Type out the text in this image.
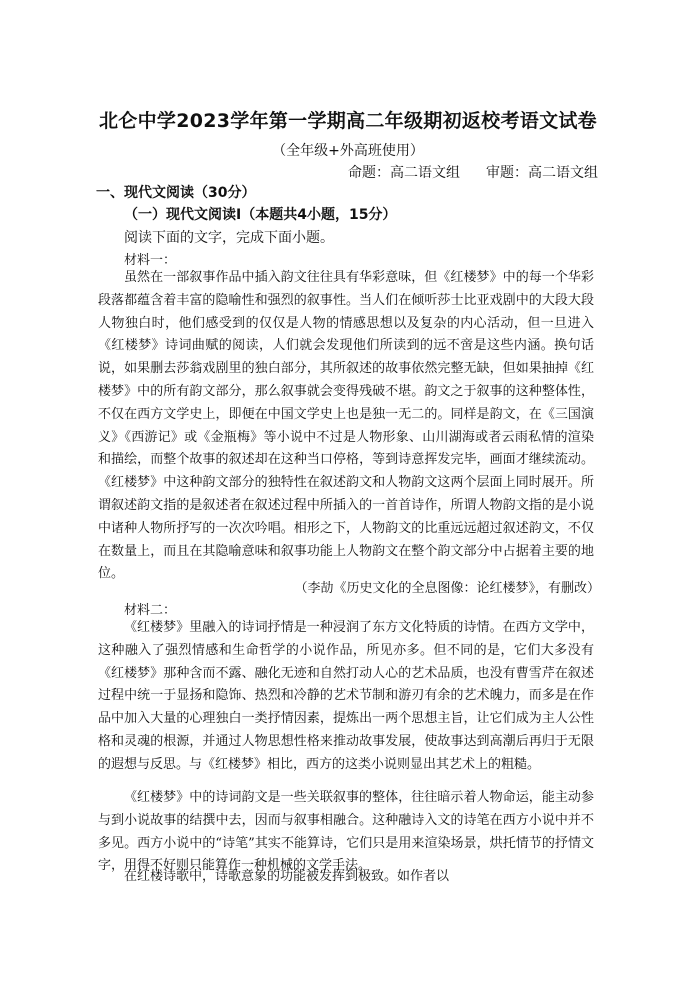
北仑中学2023学年第一学期高二年级期初返校考语文试卷
（全年级+外高班使用）
命题：高二语文组 审题：高二语文组
一、现代文阅读（30分）
（一）现代文阅读Ⅰ（本题共4小题，15分）
阅读下面的文字，完成下面小题。
材料一：

虽然在一部叙事作品中插入韵文往往具有华彩意味，但《红楼梦》中的每一个华彩段落都蕴含着丰富的隐喻性和强烈的叙事性。当人们在倾听莎士比亚戏剧中的大段大段人物独白时，他们感受到的仅仅是人物的情感思想以及复杂的内心活动，但一旦进入《红楼梦》诗词曲赋的阅读，人们就会发现他们所读到的远不啻是这些内涵。换句话说，如果删去莎翁戏剧里的独白部分，其所叙述的故事依然完整无缺，但如果抽掉《红楼梦》中的所有韵文部分，那么叙事就会变得残破不堪。韵文之于叙事的这种整体性，不仅在西方文学史上，即便在中国文学史上也是独一无二的。同样是韵文，在《三国演义》《西游记》或《金瓶梅》等小说中不过是人物形象、山川湖海或者云雨私情的渲染和描绘，而整个故事的叙述却在这种当口停格，等到诗意挥发完毕，画面才继续流动。《红楼梦》中这种韵文部分的独特性在叙述韵文和人物韵文这两个层面上同时展开。所谓叙述韵文指的是叙述者在叙述过程中所插入的一首首诗作，所谓人物韵文指的是小说中诸种人物所抒写的一次次吟唱。相形之下，人物韵文的比重远远超过叙述韵文，不仅在数量上，而且在其隐喻意味和叙事功能上人物韵文在整个韵文部分中占据着主要的地位。

（李劼《历史文化的全息图像：论红楼梦》，有删改）
材料二：

《红楼梦》里融入的诗词抒情是一种浸润了东方文化特质的诗情。在西方文学中，这种融入了强烈情感和生命哲学的小说作品，所见亦多。但不同的是，它们大多没有《红楼梦》那种含而不露、融化无迹和自然打动人心的艺术品质，也没有曹雪芹在叙述过程中统一于显扬和隐饰、热烈和冷静的艺术节制和游刃有余的艺术魄力，而多是在作品中加入大量的心理独白一类抒情因素，提炼出一两个思想主旨，让它们成为主人公性格和灵魂的根源，并通过人物思想性格来推动故事发展，使故事达到高潮后再归于无限的遐想与反思。与《红楼梦》相比，西方的这类小说则显出其艺术上的粗糙。

《红楼梦》中的诗词韵文是一些关联叙事的整体，往往暗示着人物命运，能主动参与到小说故事的结撰中去，因而与叙事相融合。这种融诗入文的诗笔在西方小说中并不多见。西方小说中的“诗笔”其实不能算诗，它们只是用来渲染场景，烘托情节的抒情文字，用得不好则只能算作一种机械的文学手法。

在红楼诗歌中，诗歌意象的功能被发挥到极致。如作者以
